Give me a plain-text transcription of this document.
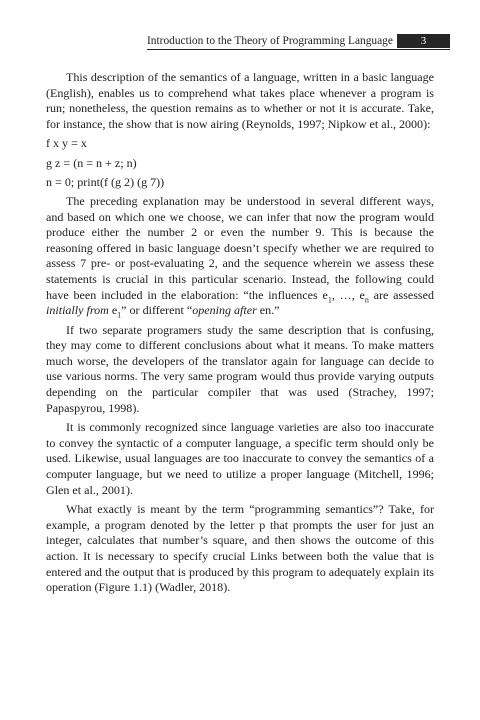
Introduction to the Theory of Programming Language	3

This description of the semantics of a language, written in a basic language (English), enables us to comprehend what takes place whenever a program is run; nonetheless, the question remains as to whether or not it is accurate. Take, for instance, the show that is now airing (Reynolds, 1997; Nipkow et al., 2000):

f x y = x

g z = (n = n + z; n)

n = 0; print(f (g 2) (g 7))

The preceding explanation may be understood in several different ways, and based on which one we choose, we can infer that now the program would produce either the number 2 or even the number 9. This is because the reasoning offered in basic language doesn’t specify whether we are required to assess 7 pre- or post-evaluating 2, and the sequence wherein we assess these statements is crucial in this particular scenario. Instead, the following could have been included in the elaboration: “the influences $e_1$, …, $e_n$ are assessed initially from $e_1$” or different “opening after en.”

If two separate programers study the same description that is confusing, they may come to different conclusions about what it means. To make matters much worse, the developers of the translator again for language can decide to use various norms. The very same program would thus provide varying outputs depending on the particular compiler that was used (Strachey, 1997; Papaspyrou, 1998).

It is commonly recognized since language varieties are also too inaccurate to convey the syntactic of a computer language, a specific term should only be used. Likewise, usual languages are too inaccurate to convey the semantics of a computer language, but we need to utilize a proper language (Mitchell, 1996; Glen et al., 2001).

What exactly is meant by the term “programming semantics”? Take, for example, a program denoted by the letter p that prompts the user for just an integer, calculates that number’s square, and then shows the outcome of this action. It is necessary to specify crucial Links between both the value that is entered and the output that is produced by this program to adequately explain its operation (Figure 1.1) (Wadler, 2018).
